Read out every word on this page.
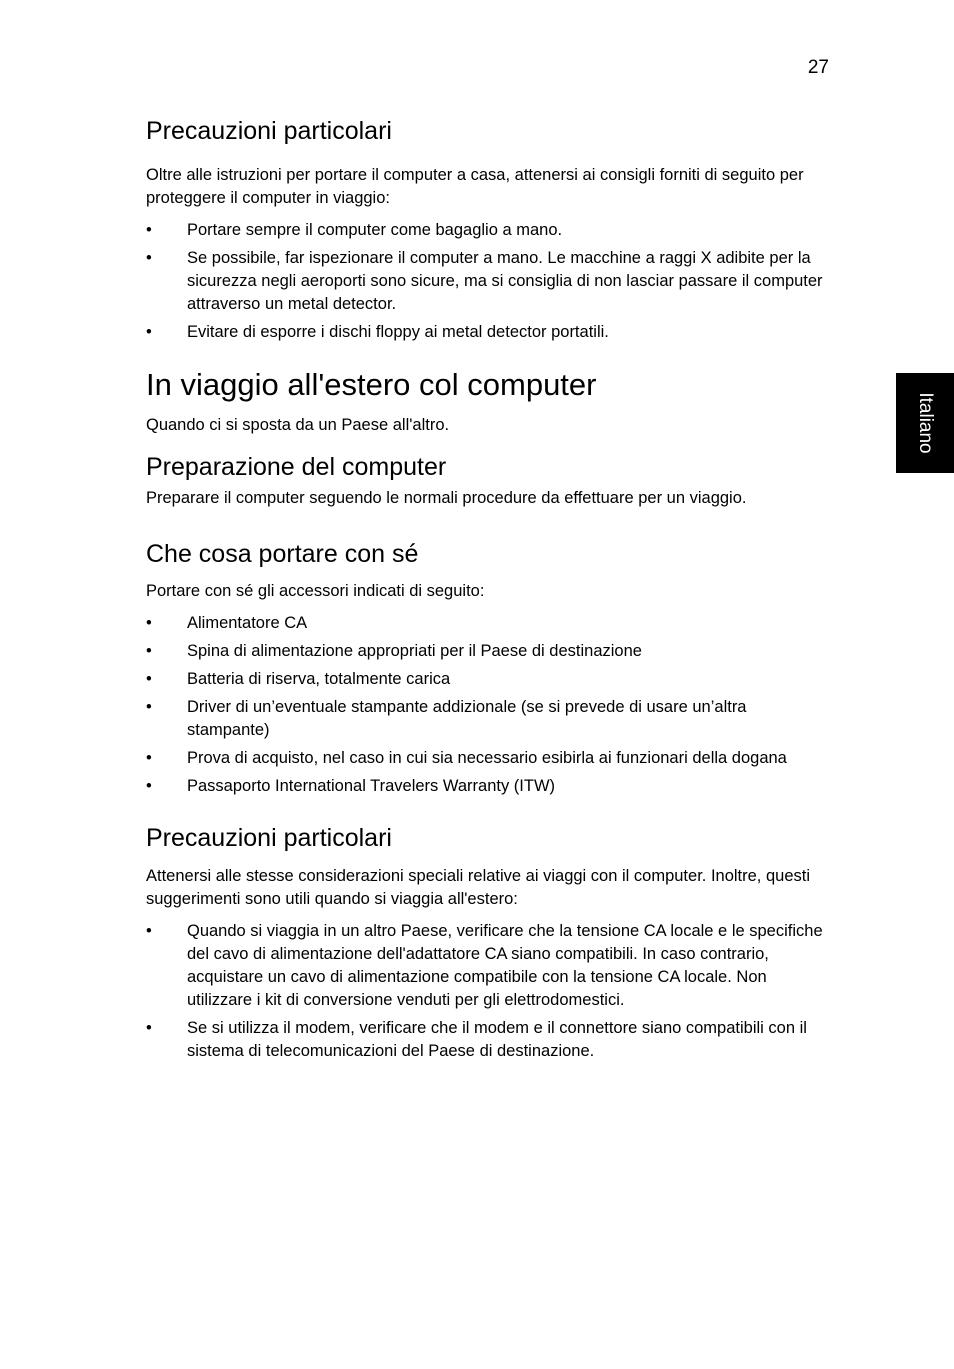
27
Italiano
Precauzioni particolari

Oltre alle istruzioni per portare il computer a casa, attenersi ai consigli forniti di seguito per proteggere il computer in viaggio:

• Portare sempre il computer come bagaglio a mano.
• Se possibile, far ispezionare il computer a mano. Le macchine a raggi X adibite per la sicurezza negli aeroporti sono sicure, ma si consiglia di non lasciar passare il computer attraverso un metal detector.
• Evitare di esporre i dischi floppy ai metal detector portatili.
In viaggio all'estero col computer

Quando ci si sposta da un Paese all'altro.

Preparazione del computer

Preparare il computer seguendo le normali procedure da effettuare per un viaggio.

Che cosa portare con sé

Portare con sé gli accessori indicati di seguito:

• Alimentatore CA
• Spina di alimentazione appropriati per il Paese di destinazione
• Batteria di riserva, totalmente carica
• Driver di un’eventuale stampante addizionale (se si prevede di usare un’altra stampante)
• Prova di acquisto, nel caso in cui sia necessario esibirla ai funzionari della dogana
• Passaporto International Travelers Warranty (ITW)
Precauzioni particolari

Attenersi alle stesse considerazioni speciali relative ai viaggi con il computer. Inoltre, questi suggerimenti sono utili quando si viaggia all'estero:

• Quando si viaggia in un altro Paese, verificare che la tensione CA locale e le specifiche del cavo di alimentazione dell'adattatore CA siano compatibili. In caso contrario, acquistare un cavo di alimentazione compatibile con la tensione CA locale. Non utilizzare i kit di conversione venduti per gli elettrodomestici.
• Se si utilizza il modem, verificare che il modem e il connettore siano compatibili con il sistema di telecomunicazioni del Paese di destinazione.
